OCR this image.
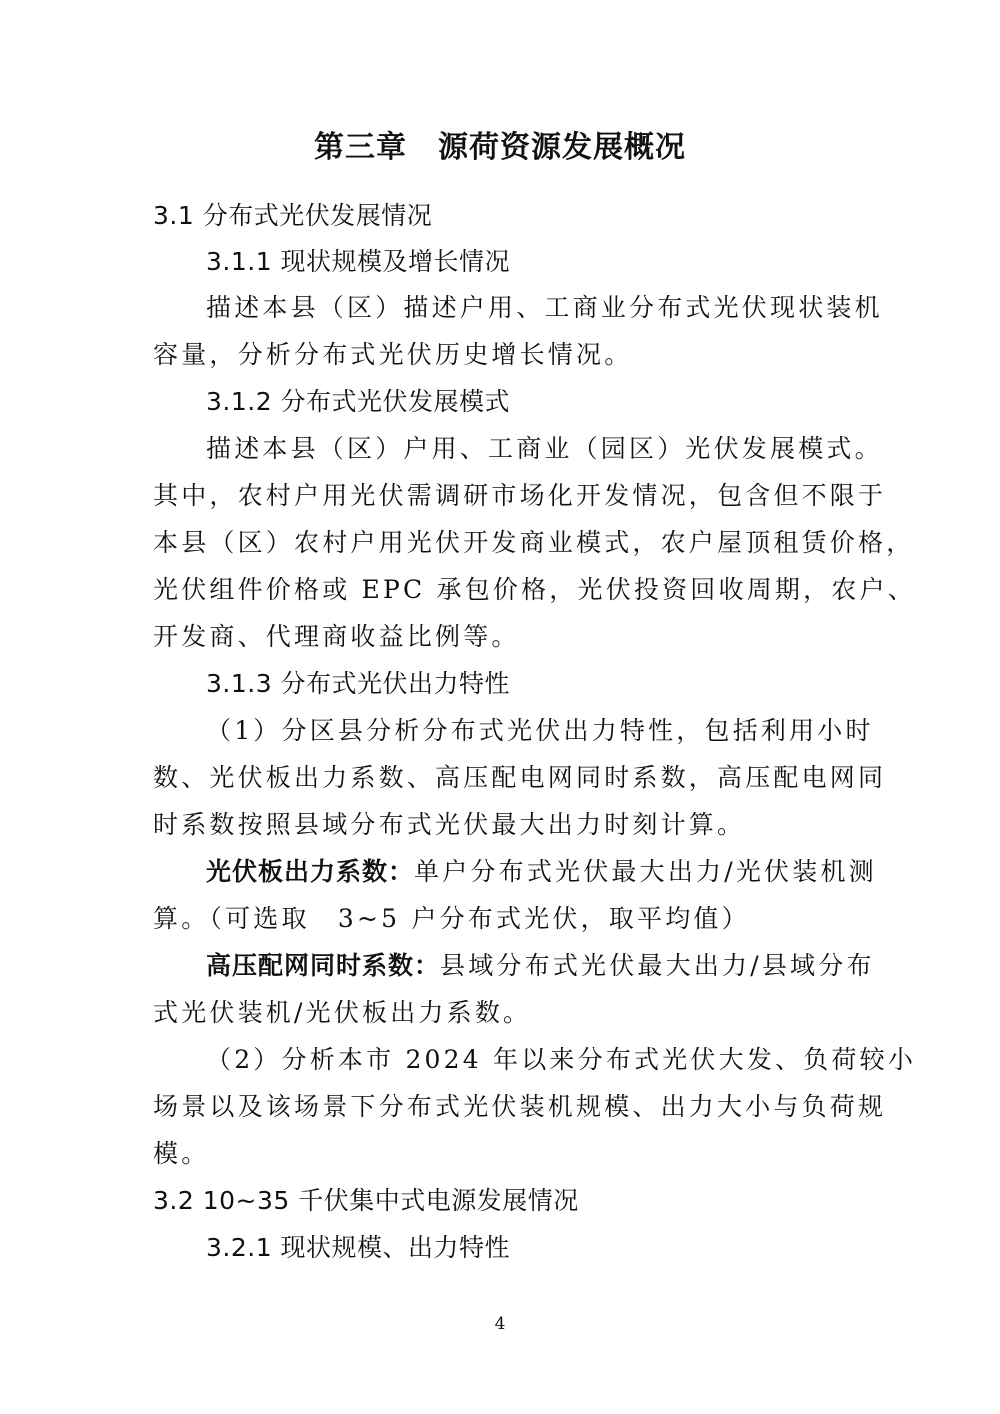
第三章　源荷资源发展概况
3.1 分布式光伏发展情况
3.1.1 现状规模及增长情况
描述本县（区）描述户用、工商业分布式光伏现状装机
容量，分析分布式光伏历史增长情况。
3.1.2 分布式光伏发展模式
描述本县（区）户用、工商业（园区）光伏发展模式。
其中，农村户用光伏需调研市场化开发情况，包含但不限于
本县（区）农村户用光伏开发商业模式，农户屋顶租赁价格，
光伏组件价格或 EPC 承包价格，光伏投资回收周期，农户、
开发商、代理商收益比例等。
3.1.3 分布式光伏出力特性
（1）分区县分析分布式光伏出力特性，包括利用小时
数、光伏板出力系数、高压配电网同时系数，高压配电网同
时系数按照县域分布式光伏最大出力时刻计算。
光伏板出力系数：单户分布式光伏最大出力/光伏装机测
算。（可选取　3~5 户分布式光伏，取平均值）
高压配网同时系数：县域分布式光伏最大出力/县域分布
式光伏装机/光伏板出力系数。
（2）分析本市 2024 年以来分布式光伏大发、负荷较小
场景以及该场景下分布式光伏装机规模、出力大小与负荷规
模。
3.2 10~35 千伏集中式电源发展情况
3.2.1 现状规模、出力特性
4
